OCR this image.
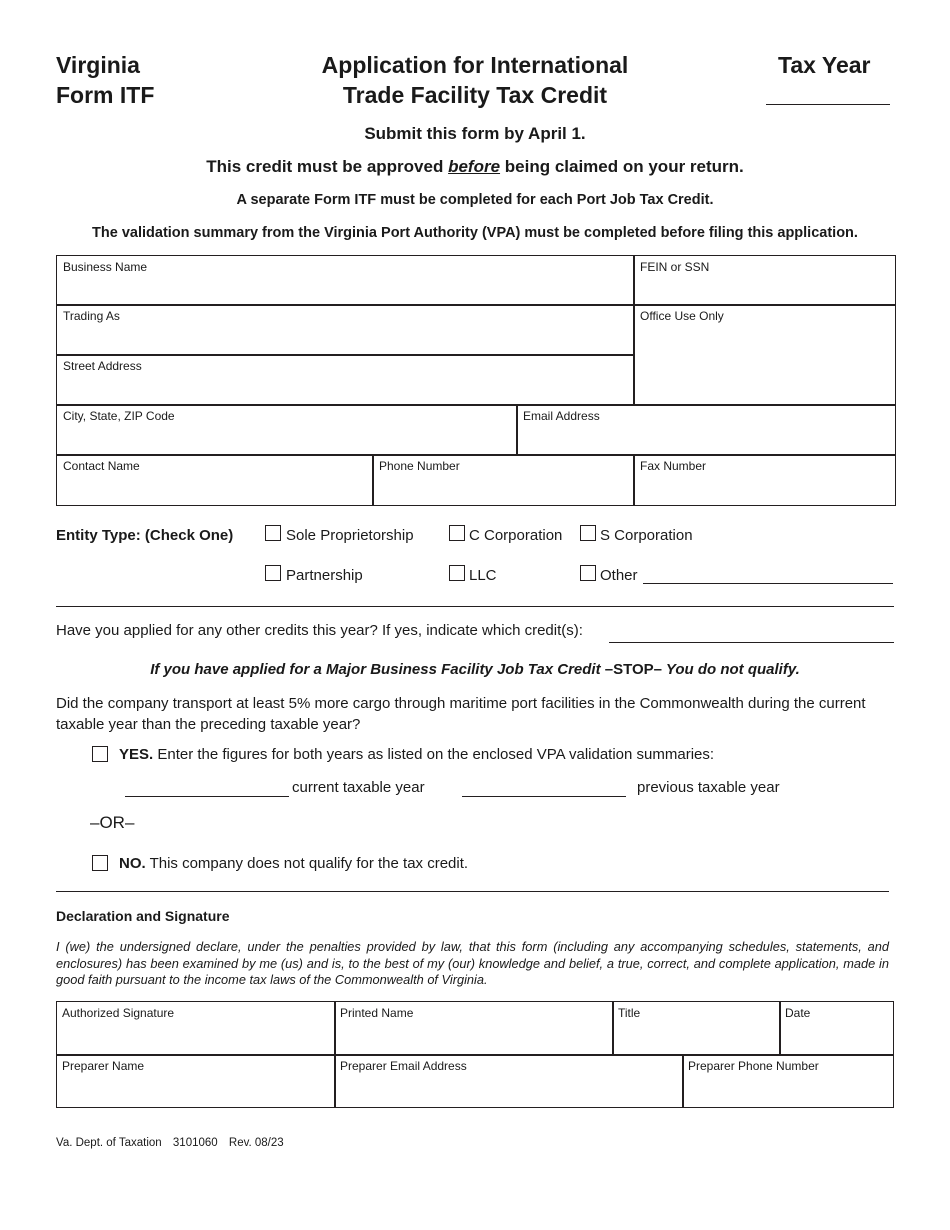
Virginia
Form ITF
Application for International
Trade Facility Tax Credit
Tax Year
Submit this form by April 1.
This credit must be approved before being claimed on your return.
A separate Form ITF must be completed for each Port Job Tax Credit.
The validation summary from the Virginia Port Authority (VPA) must be completed before filing this application.
Business Name	FEIN or SSN
Trading As	Office Use Only
Street Address
City, State, ZIP Code	Email Address
Contact Name	Phone Number	Fax Number
Entity Type: (Check One)	Sole Proprietorship	C Corporation	S Corporation
Partnership	LLC	Other
Have you applied for any other credits this year? If yes, indicate which credit(s):
If you have applied for a Major Business Facility Job Tax Credit –STOP– You do not qualify.
Did the company transport at least 5% more cargo through maritime port facilities in the Commonwealth during the current taxable year than the preceding taxable year?
YES. Enter the figures for both years as listed on the enclosed VPA validation summaries:
current taxable year	previous taxable year
–OR–
NO. This company does not qualify for the tax credit.
Declaration and Signature
I (we) the undersigned declare, under the penalties provided by law, that this form (including any accompanying schedules, statements, and enclosures) has been examined by me (us) and is, to the best of my (our) knowledge and belief, a true, correct, and complete application, made in good faith pursuant to the income tax laws of the Commonwealth of Virginia.
Authorized Signature	Printed Name	Title	Date
Preparer Name	Preparer Email Address	Preparer Phone Number
Va. Dept. of Taxation 3101060 Rev. 08/23
